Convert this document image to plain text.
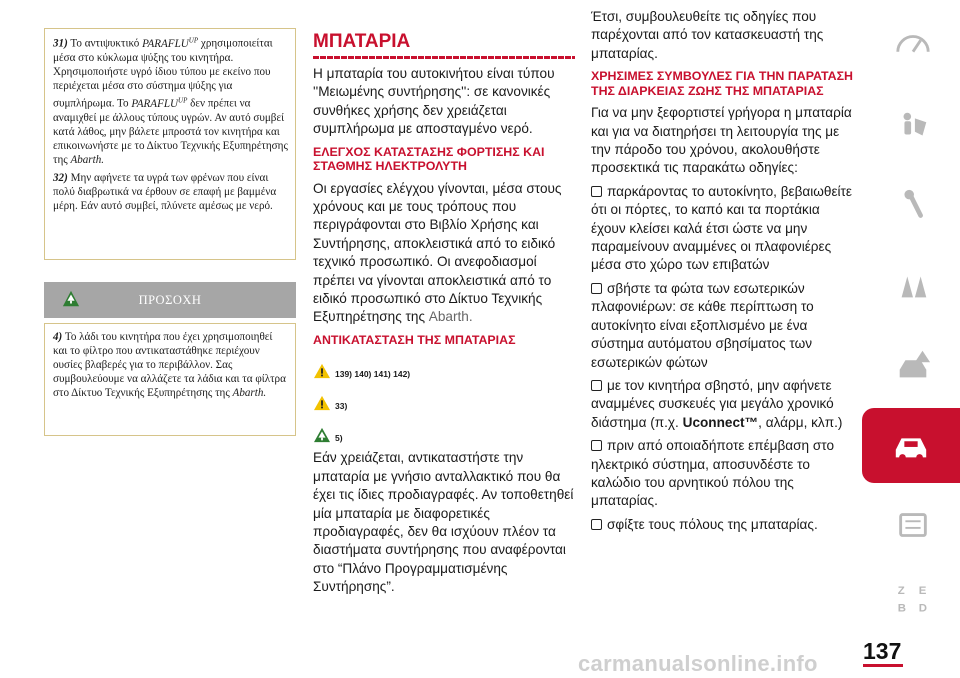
31) Το αντιψυκτικό $PARAFLU^{UP}$ χρησιμοποιείται μέσα στο κύκλωμα ψύξης του κινητήρα. Χρησιμοποιήστε υγρό ίδιου τύπου με εκείνο που περιέχεται μέσα στο σύστημα ψύξης για συμπλήρωμα. Το $PARAFLU^{UP}$ δεν πρέπει να αναμιχθεί με άλλους τύπους υγρών. Αν αυτό συμβεί κατά λάθος, μην βάλετε μπροστά τον κινητήρα και επικοινωνήστε με το Δίκτυο Τεχνικής Εξυπηρέτησης της Abarth.

32) Μην αφήνετε τα υγρά των φρένων που είναι πολύ διαβρωτικά να έρθουν σε επαφή με βαμμένα μέρη. Εάν αυτό συμβεί, πλύνετε αμέσως με νερό.

ΠΡΟΣΟΧΗ

4) Το λάδι του κινητήρα που έχει χρησιμοποιηθεί και το φίλτρο που αντικαταστάθηκε περιέχουν ουσίες βλαβερές για το περιβάλλον. Σας συμβουλεύουμε να αλλάζετε τα λάδια και τα φίλτρα στο Δίκτυο Τεχνικής Εξυπηρέτησης της Abarth.

ΜΠΑΤΑΡΙΑ

Η μπαταρία του αυτοκινήτου είναι τύπου ''Μειωμένης συντήρησης'': σε κανονικές συνθήκες χρήσης δεν χρειάζεται συμπλήρωμα με αποσταγμένο νερό.

ΕΛΕΓΧΟΣ ΚΑΤΑΣΤΑΣΗΣ ΦΟΡΤΙΣΗΣ ΚΑΙ ΣΤΑΘΜΗΣ ΗΛΕΚΤΡΟΛΥΤΗ

Οι εργασίες ελέγχου γίνονται, μέσα στους χρόνους και με τους τρόπους που περιγράφονται στο Βιβλίο Χρήσης και Συντήρησης, αποκλειστικά από το ειδικό τεχνικό προσωπικό. Οι ανεφοδιασμοί πρέπει να γίνονται αποκλειστικά από το ειδικό προσωπικό στο Δίκτυο Τεχνικής Εξυπηρέτησης της Abarth.

ΑΝΤΙΚΑΤΑΣΤΑΣΗ ΤΗΣ ΜΠΑΤΑΡΙΑΣ
139) 140) 141) 142)
33)
5)

Εάν χρειάζεται, αντικαταστήστε την μπαταρία με γνήσιο ανταλλακτικό που θα έχει τις ίδιες προδιαγραφές. Αν τοποθετηθεί μία μπαταρία με διαφορετικές προδιαγραφές, δεν θα ισχύουν πλέον τα διαστήματα συντήρησης που αναφέρονται στο “Πλάνο Προγραμματισμένης Συντήρησης”.

Έτσι, συμβουλευθείτε τις οδηγίες που παρέχονται από τον κατασκευαστή της μπαταρίας.

ΧΡΗΣΙΜΕΣ ΣΥΜΒΟΥΛΕΣ ΓΙΑ ΤΗΝ ΠΑΡΑΤΑΣΗ ΤΗΣ ΔΙΑΡΚΕΙΑΣ ΖΩΗΣ ΤΗΣ ΜΠΑΤΑΡΙΑΣ

Για να μην ξεφορτιστεί γρήγορα η μπαταρία και για να διατηρήσει τη λειτουργία της με την πάροδο του χρόνου, ακολουθήστε προσεκτικά τις παρακάτω οδηγίες:

παρκάροντας το αυτοκίνητο, βεβαιωθείτε ότι οι πόρτες, το καπό και τα πορτάκια έχουν κλείσει καλά έτσι ώστε να μην παραμείνουν αναμμένες οι πλαφονιέρες μέσα στο χώρο των επιβατών

σβήστε τα φώτα των εσωτερικών πλαφονιέρων: σε κάθε περίπτωση το αυτοκίνητο είναι εξοπλισμένο με ένα σύστημα αυτόματου σβησίματος των εσωτερικών φώτων

με τον κινητήρα σβηστό, μην αφήνετε αναμμένες συσκευές για μεγάλο χρονικό διάστημα (π.χ. Uconnect™, αλάρμ, κλπ.)

πριν από οποιαδήποτε επέμβαση στο ηλεκτρικό σύστημα, αποσυνδέστε το καλώδιο του αρνητικού πόλου της μπαταρίας.

σφίξτε τους πόλους της μπαταρίας.

Z E
B D
137
carmanualsonline.info
